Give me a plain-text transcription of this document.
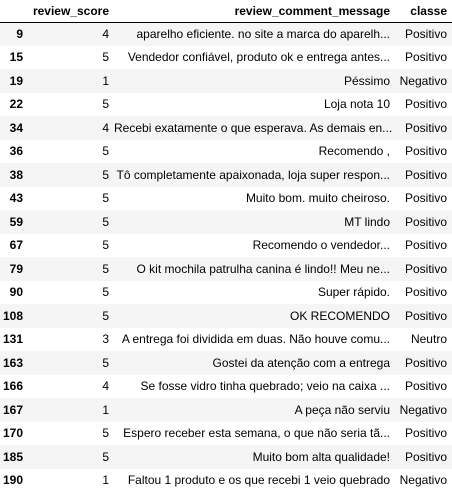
	review_score	review_comment_message	classe
9	4	aparelho eficiente. no site a marca do aparelh...	Positivo
15	5	Vendedor confiável, produto ok e entrega antes...	Positivo
19	1	Péssimo	Negativo
22	5	Loja nota 10	Positivo
34	4	Recebi exatamente o que esperava. As demais en...	Positivo
36	5	Recomendo ,	Positivo
38	5	Tô completamente apaixonada, loja super respon...	Positivo
43	5	Muito bom. muito cheiroso.	Positivo
59	5	MT lindo	Positivo
67	5	Recomendo o vendedor...	Positivo
79	5	O kit mochila patrulha canina é lindo!! Meu ne...	Positivo
90	5	Super rápido.	Positivo
108	5	OK RECOMENDO	Positivo
131	3	A entrega foi dividida em duas. Não houve comu...	Neutro
163	5	Gostei da atenção com a entrega	Positivo
166	4	Se fosse vidro tinha quebrado; veio na caixa ...	Positivo
167	1	A peça não serviu	Negativo
170	5	Espero receber esta semana, o que não seria tã...	Positivo
185	5	Muito bom alta qualidade!	Positivo
190	1	Faltou 1 produto e os que recebi 1 veio quebrado	Negativo
